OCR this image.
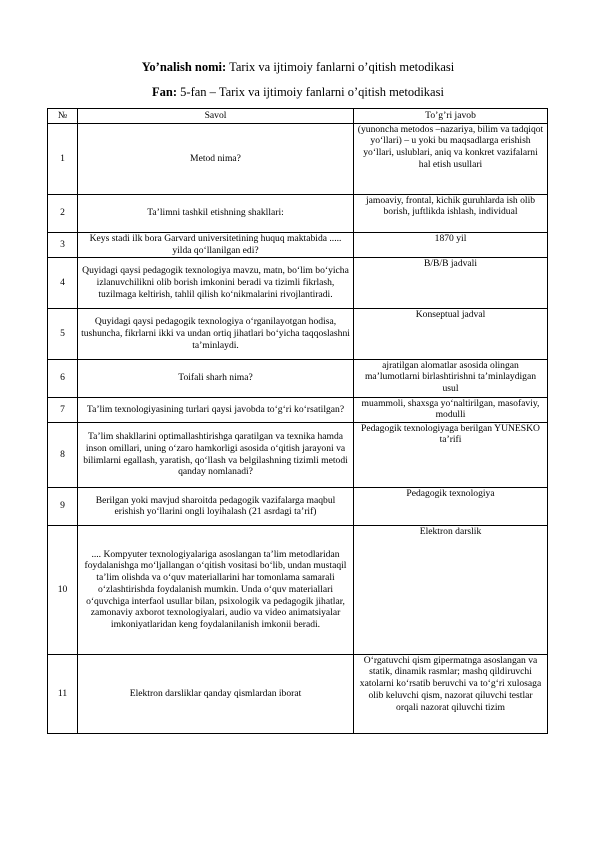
Yo’nalish nomi: Tarix va ijtimoiy fanlarni o’qitish metodikasi
Fan: 5-fan – Tarix va ijtimoiy fanlarni o’qitish metodikasi
№	Savol	To’g’ri javob
1	Metod nima?	(yunoncha metodos –nazariya, bilim va tadqiqot yo‘llari) – u yoki bu maqsadlarga erishish yo‘llari, uslublari, aniq va konkret vazifalarni hal etish usullari
2	Ta’limni tashkil etishning shakllari:	jamoaviy, frontal, kichik guruhlarda ish olib borish, juftlikda ishlash, individual
3	Keys stadi ilk bora Garvard universitetining huquq maktabida ..... yilda qo‘llanilgan edi?	1870 yil
4	Quyidagi qaysi pedagogik texnologiya mavzu, matn, bo‘lim bo‘yicha izlanuvchilikni olib borish imkonini beradi va tizimli fikrlash, tuzilmaga keltirish, tahlil qilish ko‘nikmalarini rivojlantiradi.	B/B/B jadvali
5	Quyidagi qaysi pedagogik texnologiya o‘rganilayotgan hodisa, tushuncha, fikrlarni ikki va undan ortiq jihatlari bo‘yicha taqqoslashni ta’minlaydi.	Konseptual jadval
6	Toifali sharh nima?	ajratilgan alomatlar asosida olingan ma’lumotlarni birlashtirishni ta’minlaydigan usul
7	Ta’lim texnologiyasining turlari qaysi javobda to‘g‘ri ko‘rsatilgan?	muammoli, shaxsga yo‘naltirilgan, masofaviy, modulli
8	Ta’lim shakllarini optimallashtirishga qaratilgan va texnika hamda inson omillari, uning o‘zaro hamkorligi asosida o‘qitish jarayoni va bilimlarni egallash, yaratish, qo‘llash va belgilashning tizimli metodi qanday nomlanadi?	Pedagogik texnologiyaga berilgan YUNESKO ta’rifi
9	Berilgan yoki mavjud sharoitda pedagogik vazifalarga maqbul erishish yo‘llarini ongli loyihalash (21 asrdagi ta’rif)	Pedagogik texnologiya
10	.... Kompyuter texnologiyalariga asoslangan ta’lim metodlaridan foydalanishga mo‘ljallangan o‘qitish vositasi bo‘lib, undan mustaqil ta’lim olishda va o‘quv materiallarini har tomonlama samarali o‘zlashtirishda foydalanish mumkin. Unda o‘quv materiallari o‘quvchiga interfaol usullar bilan, psixologik va pedagogik jihatlar, zamonaviy axborot texnologiyalari, audio va video animatsiyalar imkoniyatlaridan keng foydalanilanish imkonii beradi.	Elektron darslik
11	Elektron darsliklar qanday qismlardan iborat	O‘rgatuvchi qism gipermatnga asoslangan va statik, dinamik rasmlar; mashq qildiruvchi xatolarni ko‘rsatib beruvchi va to‘g‘ri xulosaga olib keluvchi qism, nazorat qiluvchi testlar orqali nazorat qiluvchi tizim
